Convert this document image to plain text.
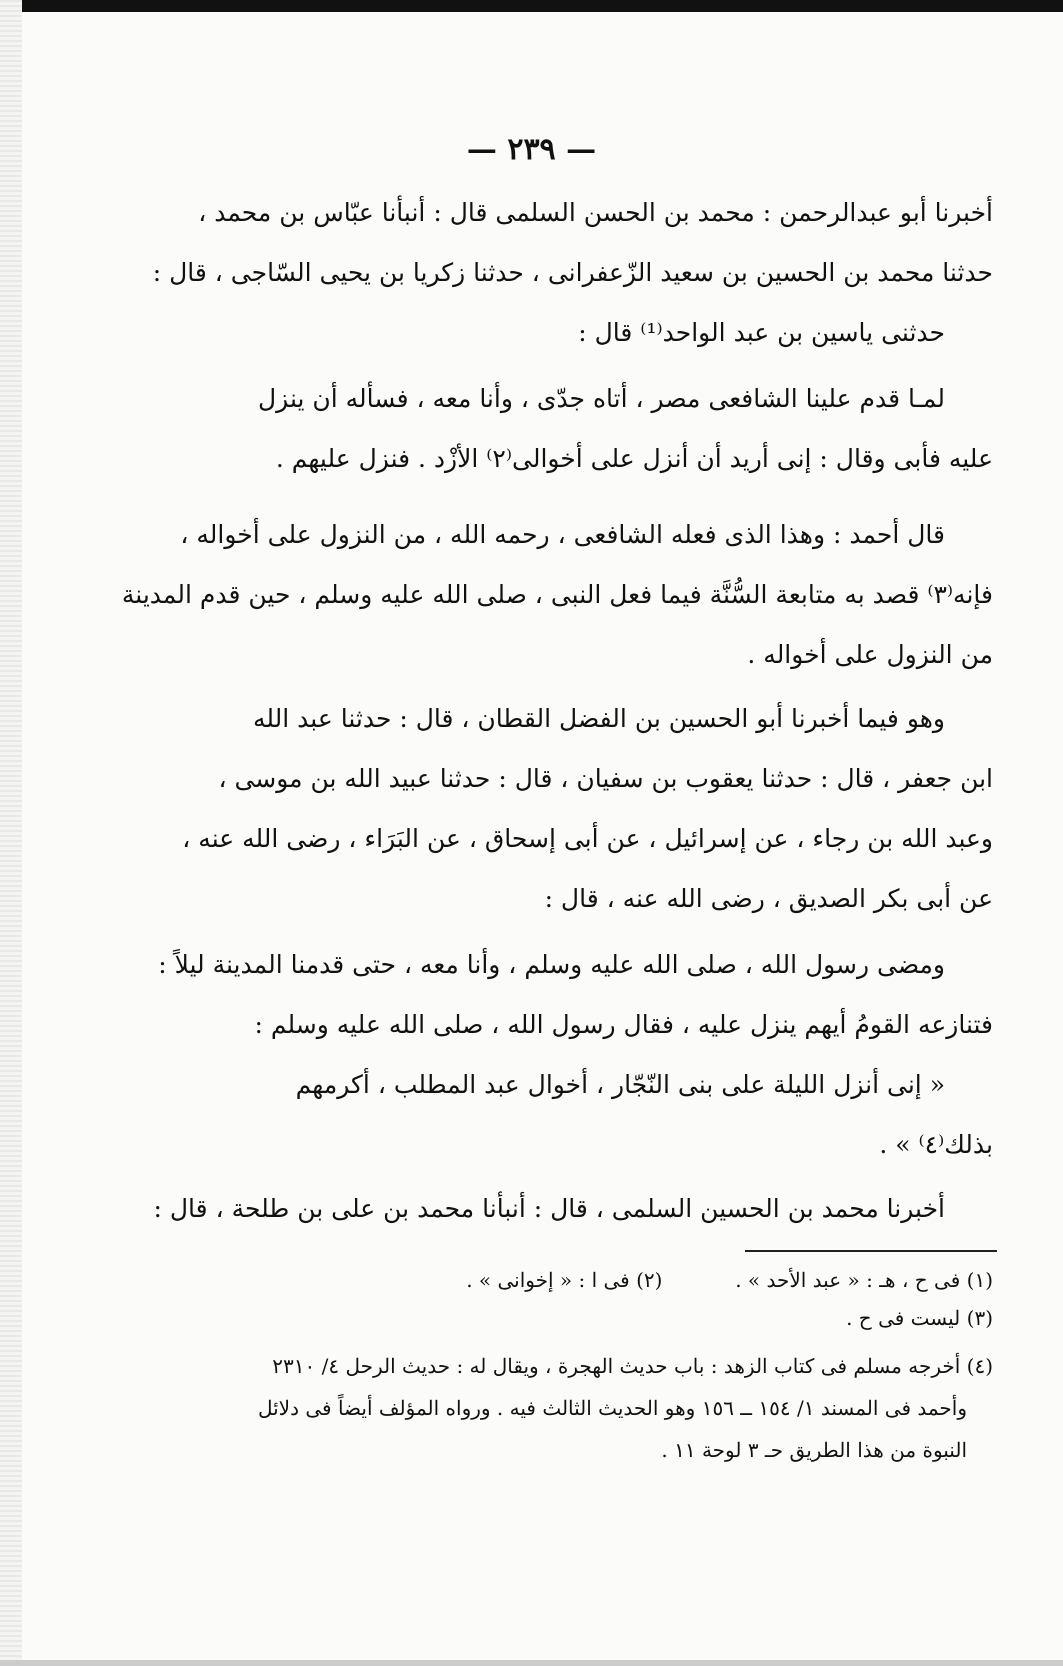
— ٢٣٩ —
أخبرنا أبو عبدالرحمن : محمد بن الحسن السلمى قال : أنبأنا عبّاس بن محمد ،
حدثنا محمد بن الحسين بن سعيد الزّعفرانى ، حدثنا زكريا بن يحيى السّاجى ، قال :
حدثنى ياسين بن عبد الواحد⁽¹⁾ قال :
لمـا قدم علينا الشافعى مصر ، أتاه جدّى ، وأنا معه ، فسأله أن ينزل
عليه فأبى وقال : إنى أريد أن أنزل على أخوالى⁽٢⁾ الأزْد . فنزل عليهم .
قال أحمد : وهذا الذى فعله الشافعى ، رحمه الله ، من النزول على أخواله ،
فإنه⁽٣⁾ قصد به متابعة السُّنَّة فيما فعل النبى ، صلى الله عليه وسلم ، حين قدم المدينة
من النزول على أخواله .
وهو فيما أخبرنا أبو الحسين بن الفضل القطان ، قال : حدثنا عبد الله
ابن جعفر ، قال : حدثنا يعقوب بن سفيان ، قال : حدثنا عبيد الله بن موسى ،
وعبد الله بن رجاء ، عن إسرائيل ، عن أبى إسحاق ، عن البَرَاء ، رضى الله عنه ،
عن أبى بكر الصديق ، رضى الله عنه ، قال :
ومضى رسول الله ، صلى الله عليه وسلم ، وأنا معه ، حتى قدمنا المدينة ليلاً :
فتنازعه القومُ أيهم ينزل عليه ، فقال رسول الله ، صلى الله عليه وسلم :
« إنى أنزل الليلة على بنى النّجّار ، أخوال عبد المطلب ، أكرمهم
بذلك⁽٤⁾ » .
أخبرنا محمد بن الحسين السلمى ، قال : أنبأنا محمد بن على بن طلحة ، قال :
(١) فى ح ، هـ : « عبد الأحد » .  (٢) فى ا : « إخوانى » .
(٣) ليست فى ح .
(٤) أخرجه مسلم فى كتاب الزهد : باب حديث الهجرة ، ويقال له : حديث الرحل ٤/ ٢٣١٠
وأحمد فى المسند ١/ ١٥٤ ــ ١٥٦ وهو الحديث الثالث فيه . ورواه المؤلف أيضاً فى دلائل
النبوة من هذا الطريق حـ ٣ لوحة ١١ .
